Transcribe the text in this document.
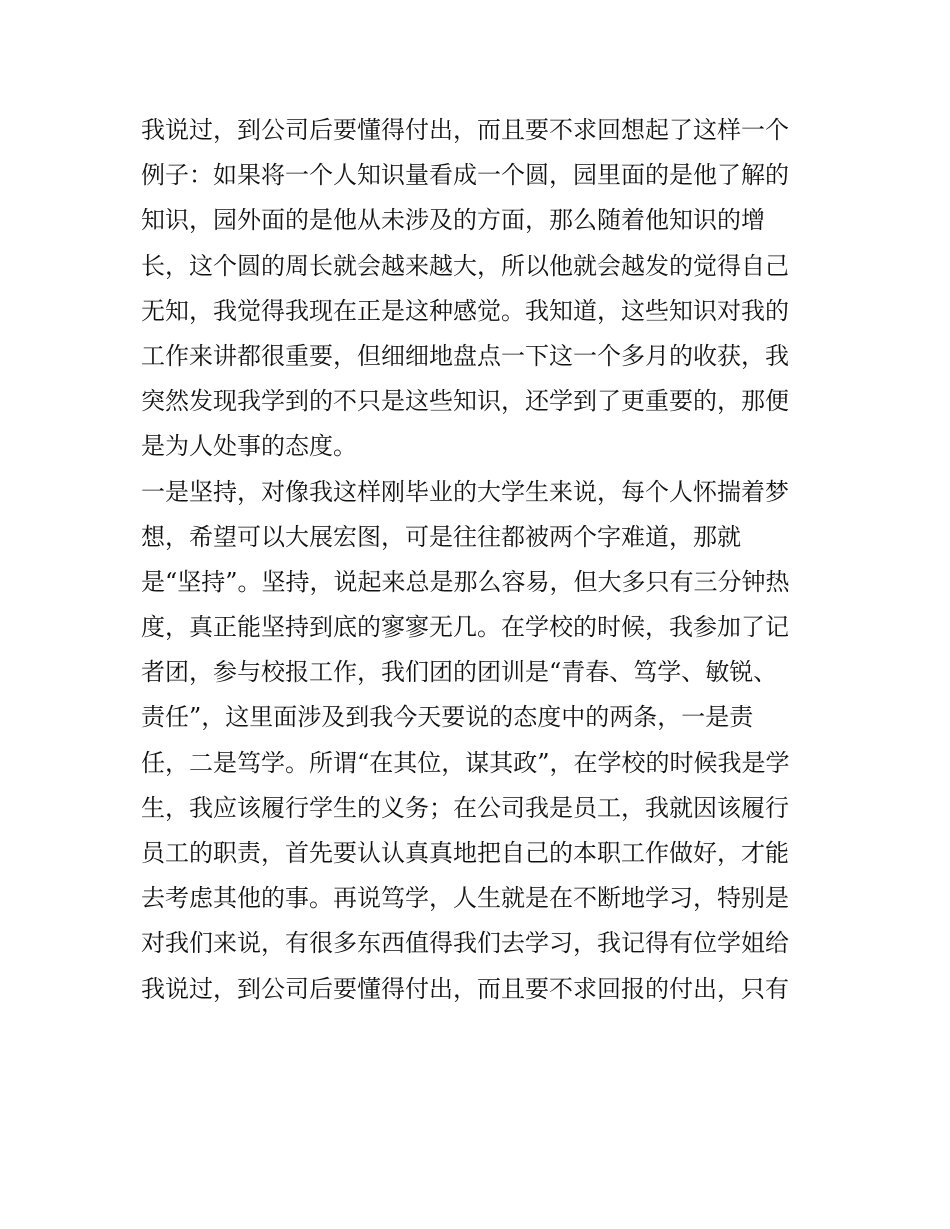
我说过，到公司后要懂得付出，而且要不求回想起了这样一个
例子：如果将一个人知识量看成一个圆，园里面的是他了解的
知识，园外面的是他从未涉及的方面，那么随着他知识的增
长，这个圆的周长就会越来越大，所以他就会越发的觉得自己
无知，我觉得我现在正是这种感觉。我知道，这些知识对我的
工作来讲都很重要，但细细地盘点一下这一个多月的收获，我
突然发现我学到的不只是这些知识，还学到了更重要的，那便
是为人处事的态度。
一是坚持，对像我这样刚毕业的大学生来说，每个人怀揣着梦
想，希望可以大展宏图，可是往往都被两个字难道，那就
是“坚持”。坚持，说起来总是那么容易，但大多只有三分钟热
度，真正能坚持到底的寥寥无几。在学校的时候，我参加了记
者团，参与校报工作，我们团的团训是“青春、笃学、敏锐、
责任”，这里面涉及到我今天要说的态度中的两条，一是责
任，二是笃学。所谓“在其位，谋其政”，在学校的时候我是学
生，我应该履行学生的义务；在公司我是员工，我就因该履行
员工的职责，首先要认认真真地把自己的本职工作做好，才能
去考虑其他的事。再说笃学，人生就是在不断地学习，特别是
对我们来说，有很多东西值得我们去学习，我记得有位学姐给
我说过，到公司后要懂得付出，而且要不求回报的付出，只有
